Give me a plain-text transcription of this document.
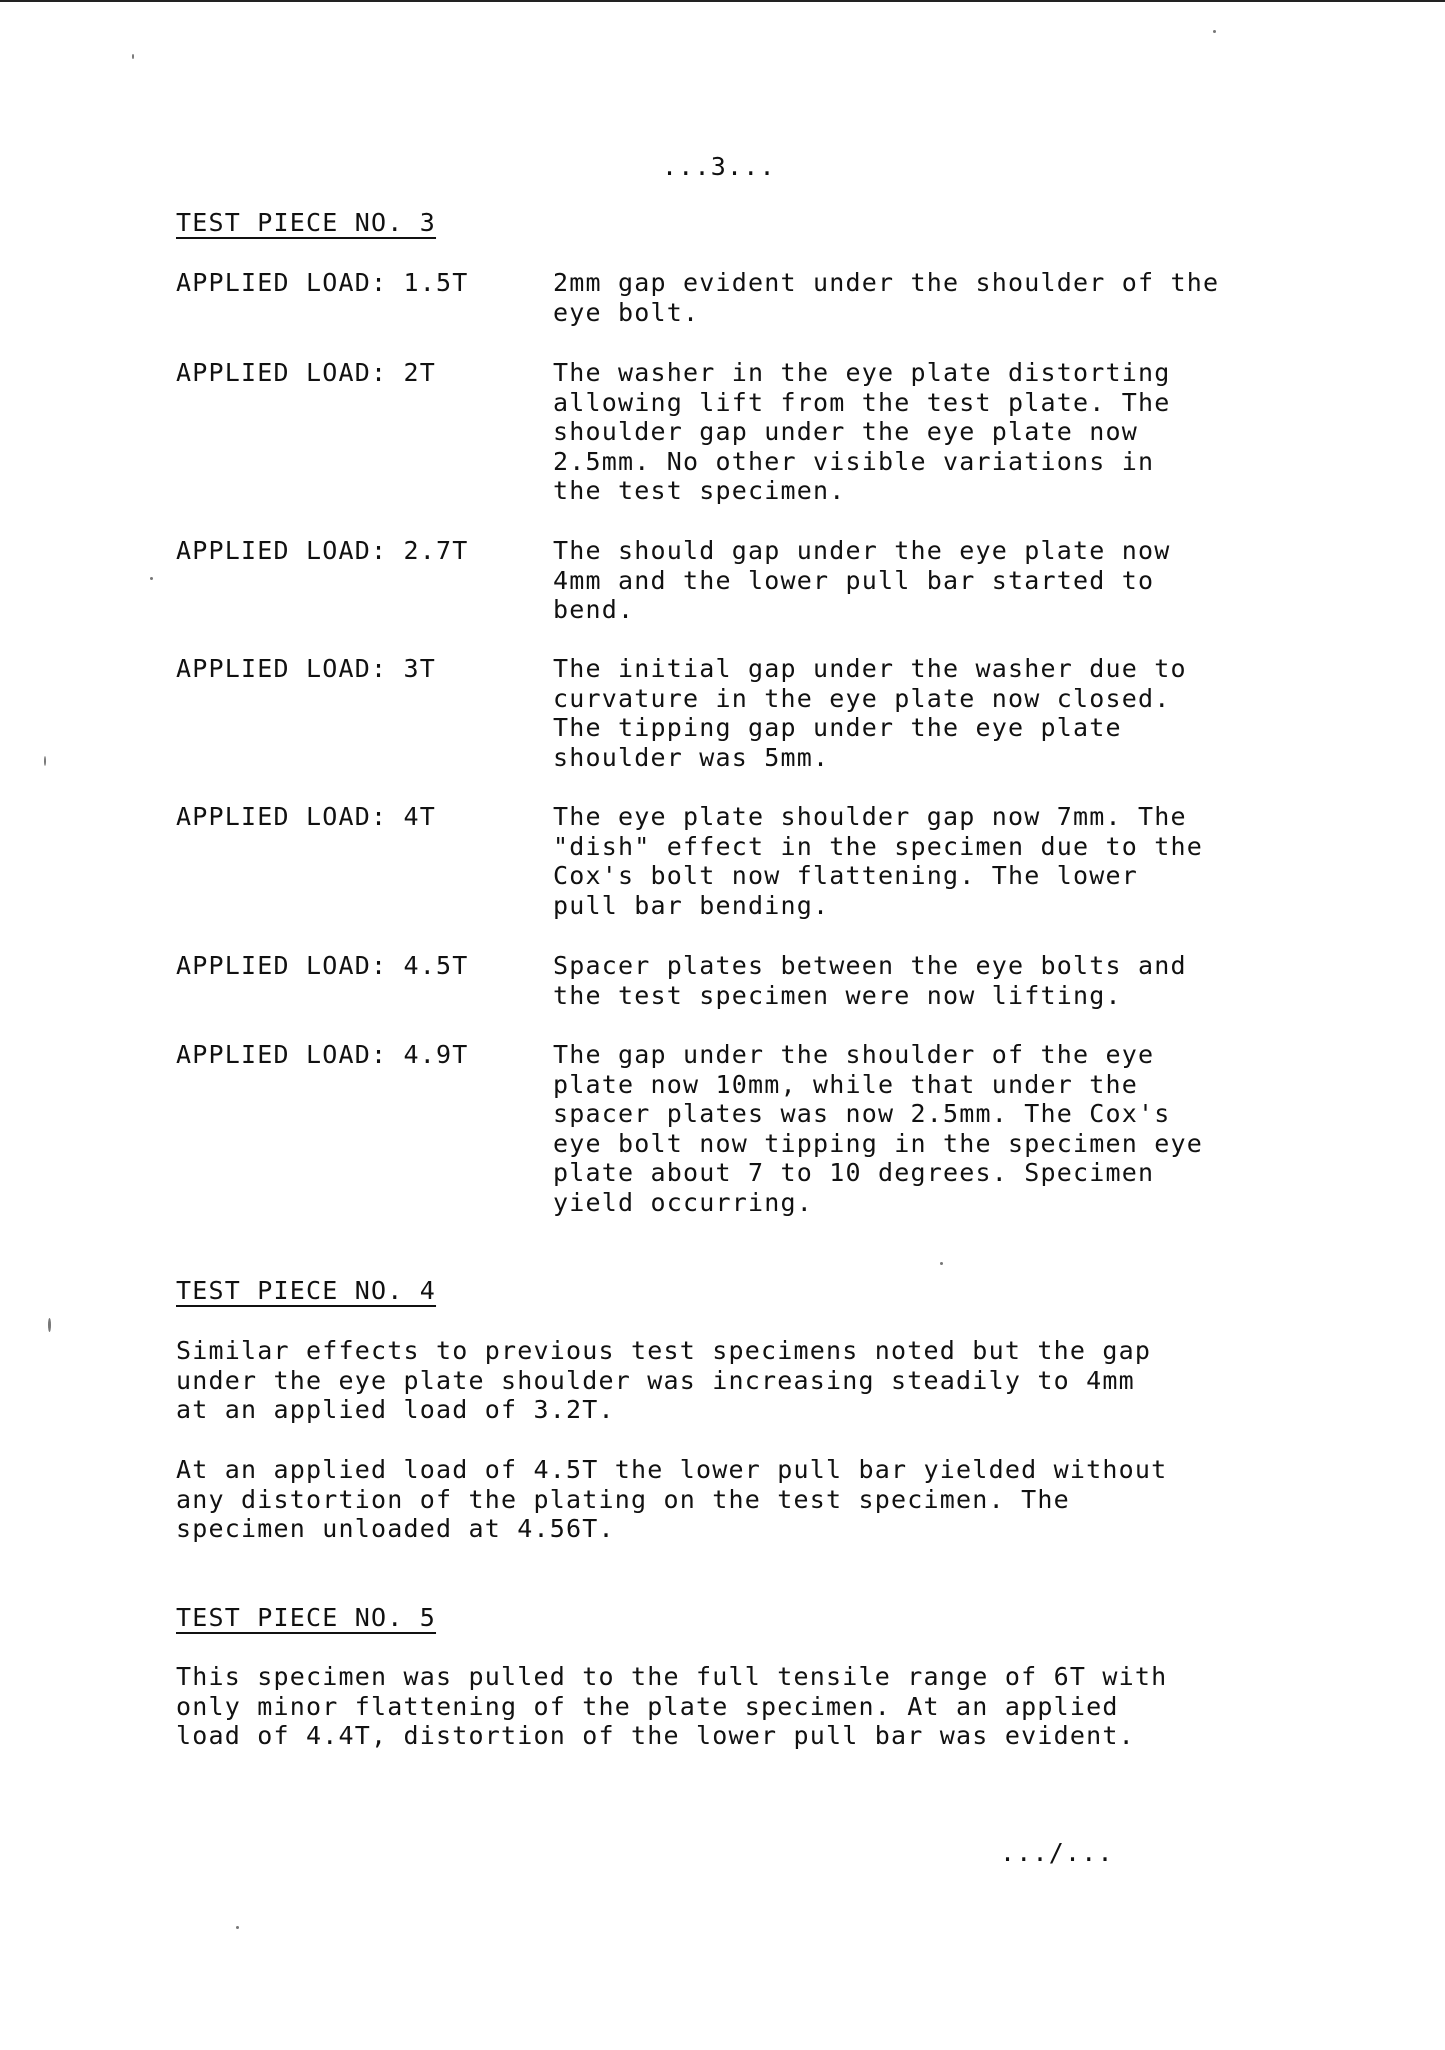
...3...
TEST PIECE NO. 3
APPLIED LOAD: 1.5T	2mm gap evident under the shoulder of the
eye bolt.
APPLIED LOAD: 2T	The washer in the eye plate distorting
allowing lift from the test plate. The
shoulder gap under the eye plate now
2.5mm. No other visible variations in
the test specimen.
APPLIED LOAD: 2.7T	The should gap under the eye plate now
4mm and the lower pull bar started to
bend.
APPLIED LOAD: 3T	The initial gap under the washer due to
curvature in the eye plate now closed.
The tipping gap under the eye plate
shoulder was 5mm.
APPLIED LOAD: 4T	The eye plate shoulder gap now 7mm. The
"dish" effect in the specimen due to the
Cox's bolt now flattening. The lower
pull bar bending.
APPLIED LOAD: 4.5T	Spacer plates between the eye bolts and
the test specimen were now lifting.
APPLIED LOAD: 4.9T	The gap under the shoulder of the eye
plate now 10mm, while that under the
spacer plates was now 2.5mm. The Cox's
eye bolt now tipping in the specimen eye
plate about 7 to 10 degrees. Specimen
yield occurring.
TEST PIECE NO. 4
Similar effects to previous test specimens noted but the gap
under the eye plate shoulder was increasing steadily to 4mm
at an applied load of 3.2T.
At an applied load of 4.5T the lower pull bar yielded without
any distortion of the plating on the test specimen. The
specimen unloaded at 4.56T.
TEST PIECE NO. 5
This specimen was pulled to the full tensile range of 6T with
only minor flattening of the plate specimen. At an applied
load of 4.4T, distortion of the lower pull bar was evident.
.../...
